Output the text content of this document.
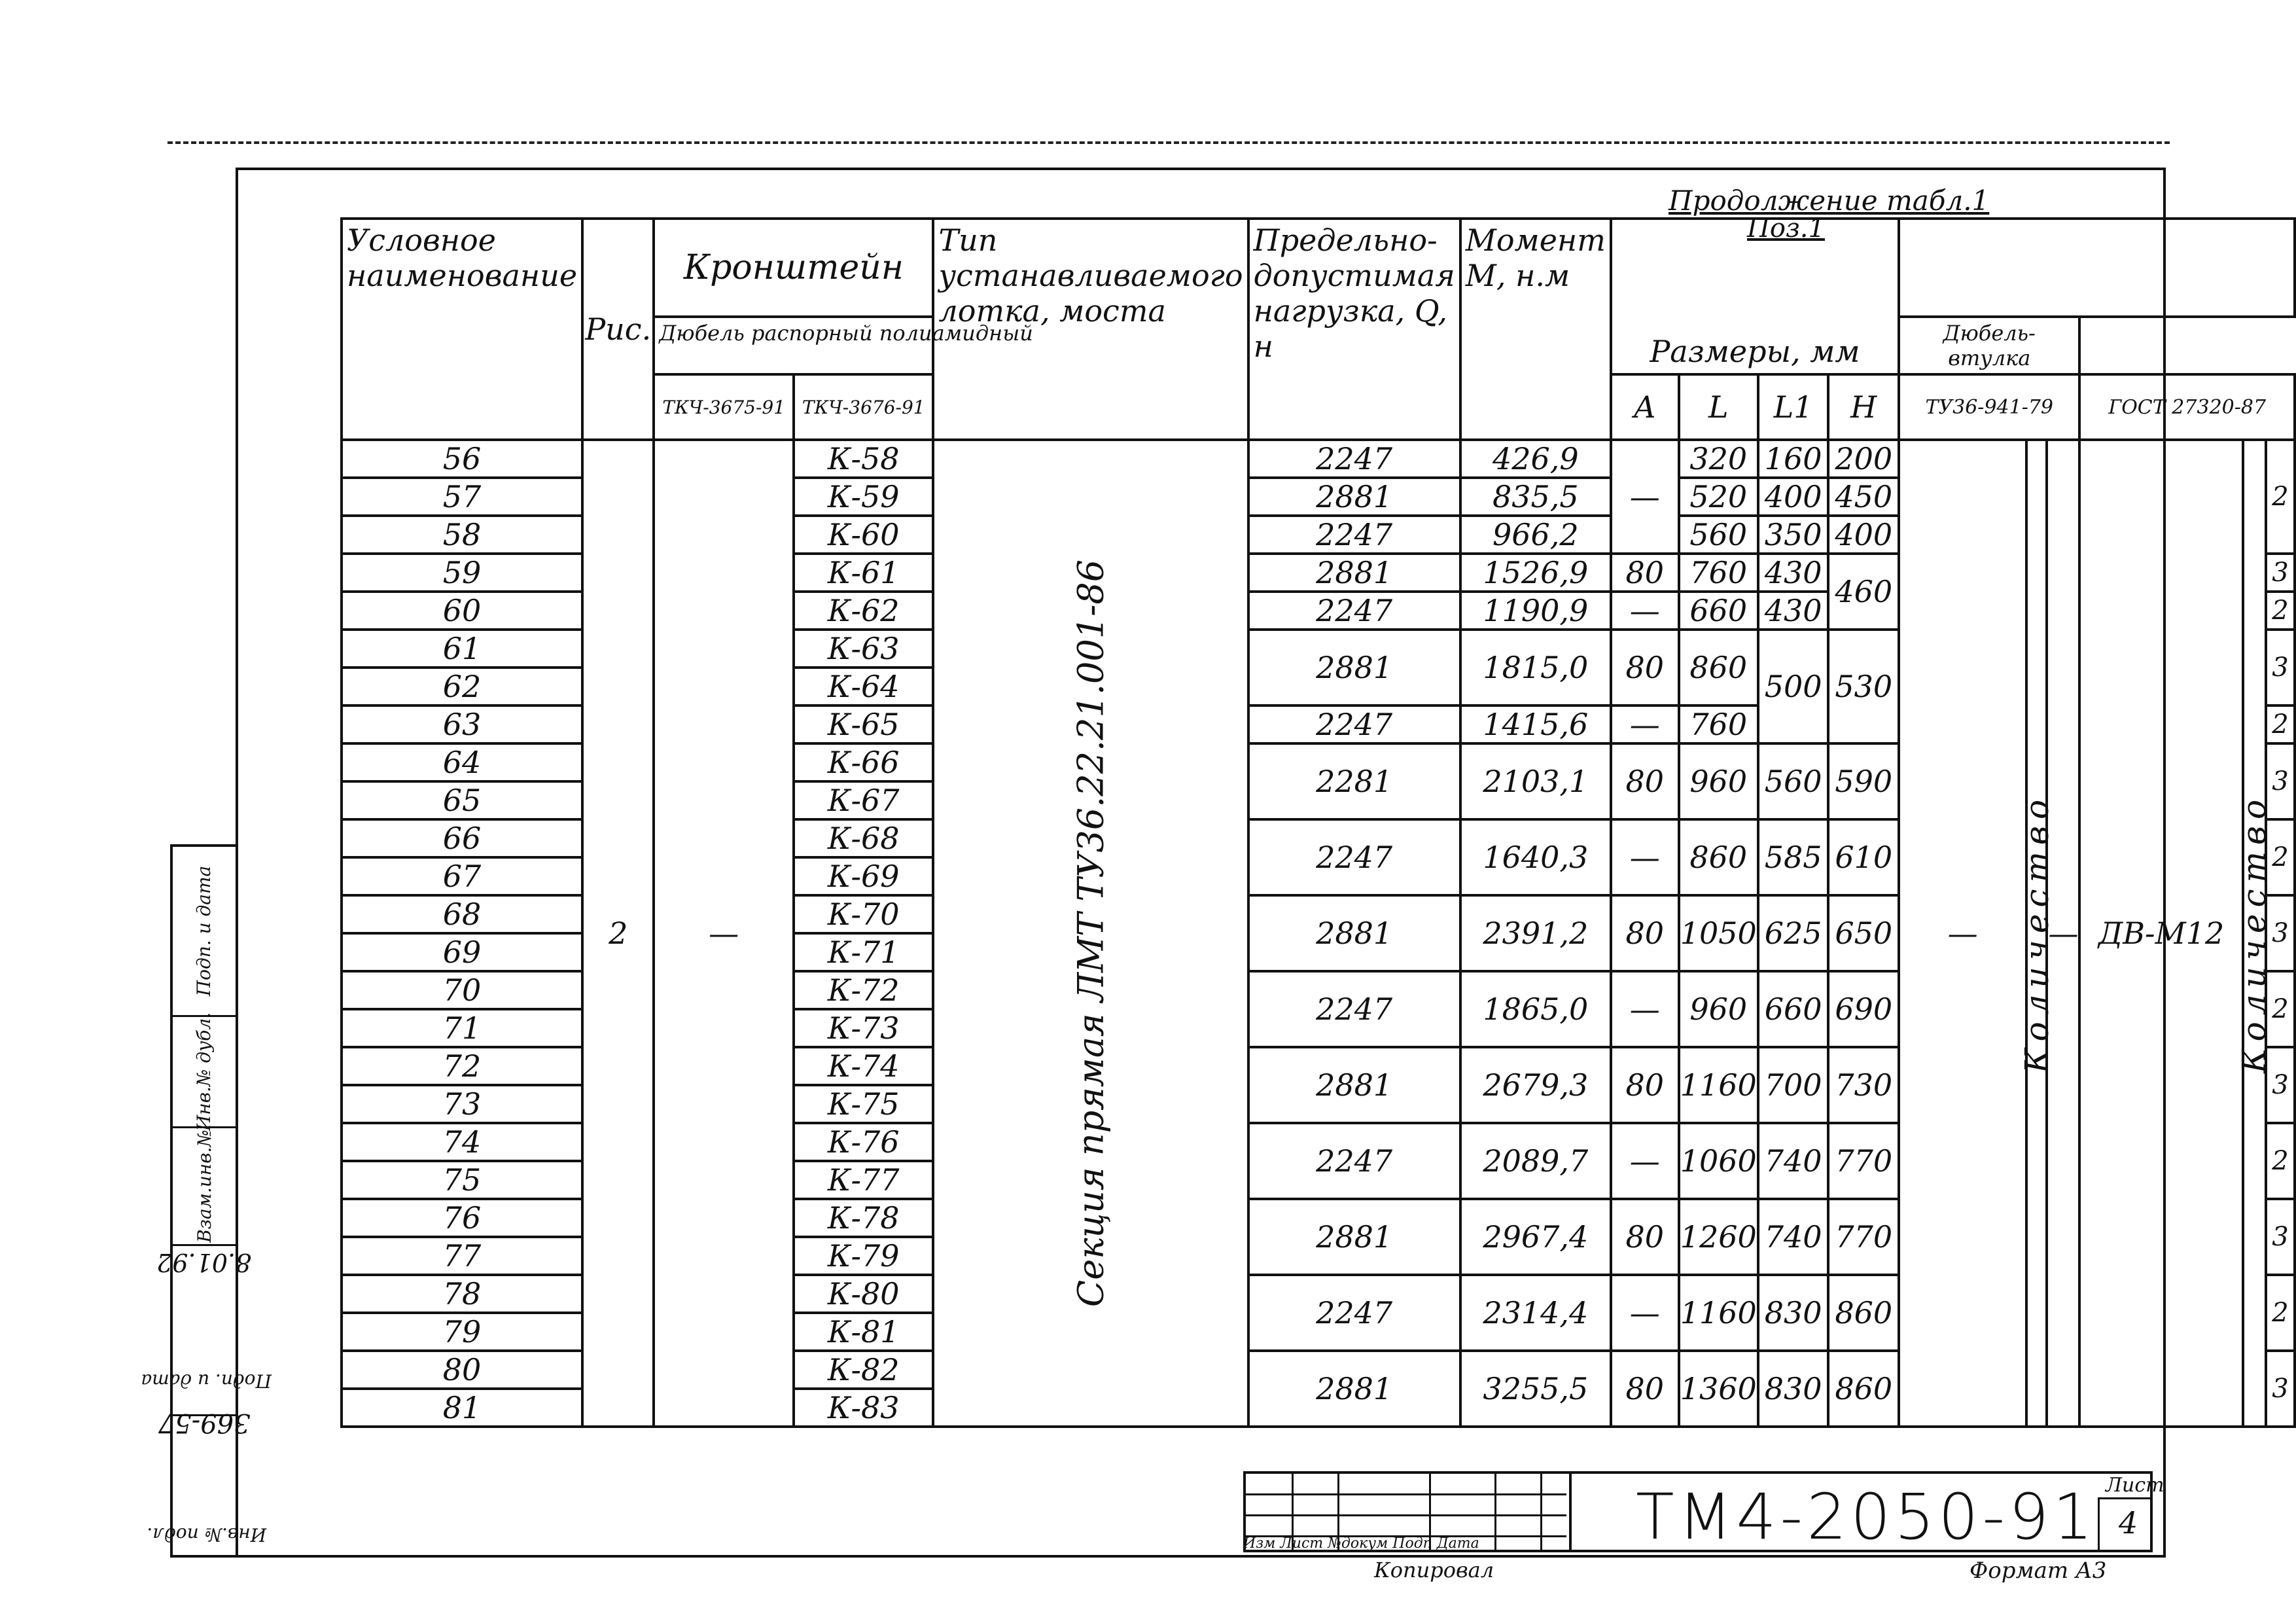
Подп. и дата
Инв.№ дубл.
Взам.инв.№
Подп. и дата 8.01.92
Инв.№ подл. 369-57
Продолжение табл.1
Поз.1
Условное наименование	Рис.	Кронштейн		Тип устанавливаемого лотка, моста	Предельно-допустимая нагрузка, Q, н	Момент М, н.м	Размеры, мм									
		Дюбель распорный полиамидный									Дюбель-втулка					
		ТКЧ-3675-91	ТКЧ-3676-91				А	L	L1	Н	ТУ36-941-79			ГОСТ 27320-87		
56	2	—	К-58	Секция прямая ЛМТ ТУ36.22.21.001-86	2247	426,9	—	320	160	200	—	Количество	—	ДВ-М12	Количество	2
57			К-59		2881	835,5		520	400	450						
58			К-60		2247	966,2		560	350	400						
59			К-61		2881	1526,9	80	760	430	460						3
60			К-62		2247	1190,9	—	660	430							2
61			К-63		2881	1815,0	80	860	500	530						3
62			К-64													
63			К-65		2247	1415,6	—	760								2
64			К-66		2281	2103,1	80	960	560	590						3
65			К-67													
66			К-68		2247	1640,3	—	860	585	610						2
67			К-69													
68			К-70		2881	2391,2	80	1050	625	650						3
69			К-71													
70			К-72		2247	1865,0	—	960	660	690						2
71			К-73													
72			К-74		2881	2679,3	80	1160	700	730						3
73			К-75													
74			К-76		2247	2089,7	—	1060	740	770						2
75			К-77													
76			К-78		2881	2967,4	80	1260	740	770						3
77			К-79													
78			К-80		2247	2314,4	—	1160	830	860						2
79			К-81													
80			К-82		2881	3255,5	80	1360	830	860						3
81			К-83													
ТМ4-2050-91 Лист
4
Изм Лист №докум Подп Дата
Копировал	Формат А3
